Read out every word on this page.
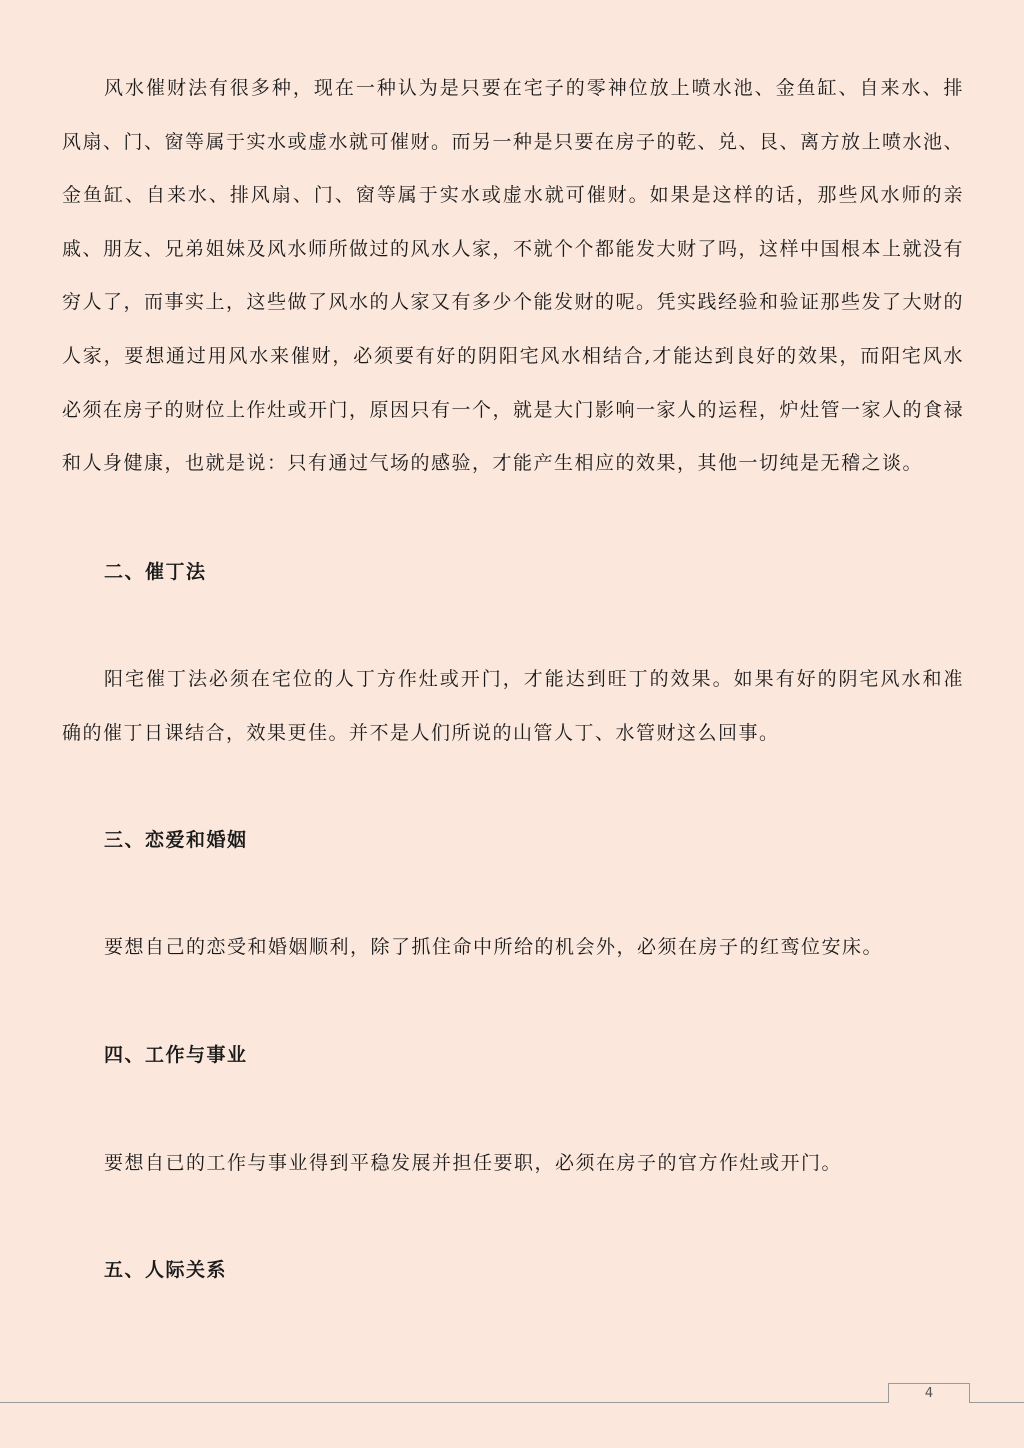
风水催财法有很多种，现在一种认为是只要在宅子的零神位放上喷水池、金鱼缸、自来水、排风扇、门、窗等属于实水或虚水就可催财。而另一种是只要在房子的乾、兑、艮、离方放上喷水池、金鱼缸、自来水、排风扇、门、窗等属于实水或虚水就可催财。如果是这样的话，那些风水师的亲戚、朋友、兄弟姐妹及风水师所做过的风水人家，不就个个都能发大财了吗，这样中国根本上就没有穷人了，而事实上，这些做了风水的人家又有多少个能发财的呢。凭实践经验和验证那些发了大财的人家，要想通过用风水来催财，必须要有好的阴阳宅风水相结合,才能达到良好的效果，而阳宅风水必须在房子的财位上作灶或开门，原因只有一个，就是大门影响一家人的运程，炉灶管一家人的食禄和人身健康，也就是说：只有通过气场的感验，才能产生相应的效果，其他一切纯是无稽之谈。

二、催丁法

阳宅催丁法必须在宅位的人丁方作灶或开门，才能达到旺丁的效果。如果有好的阴宅风水和准确的催丁日课结合，效果更佳。并不是人们所说的山管人丁、水管财这么回事。

三、恋爱和婚姻

要想自己的恋受和婚姻顺利，除了抓住命中所给的机会外，必须在房子的红鸾位安床。

四、工作与事业

要想自已的工作与事业得到平稳发展并担任要职，必须在房子的官方作灶或开门。

五、人际关系
4
